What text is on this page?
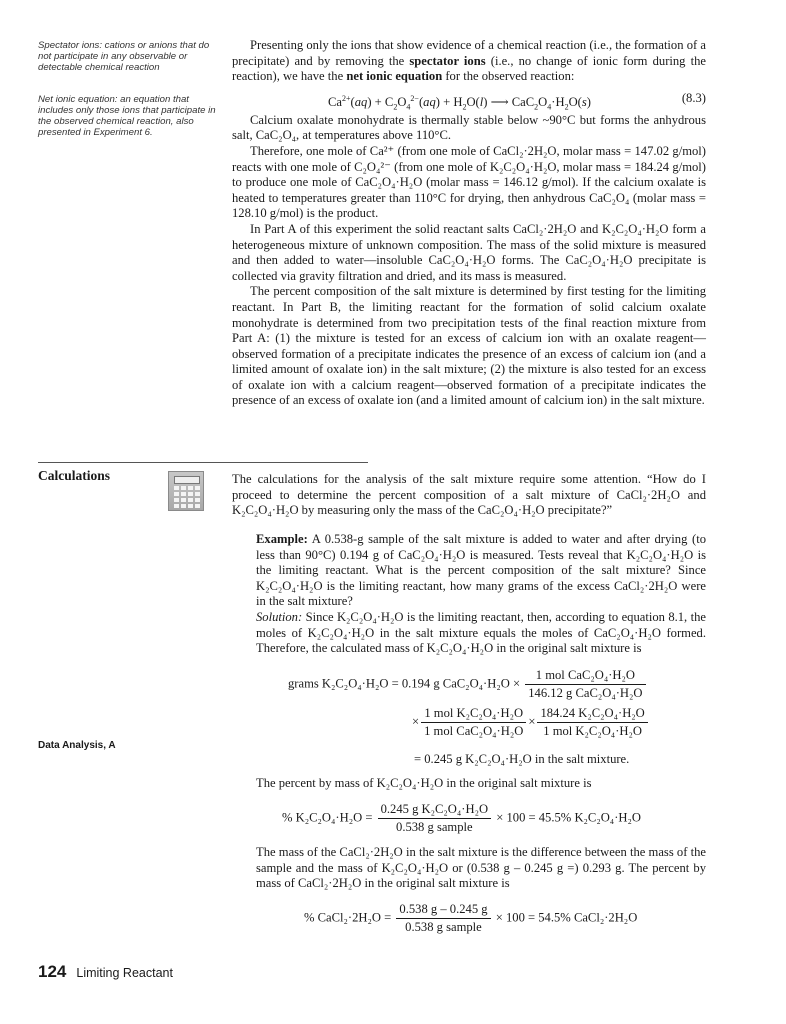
Spectator ions: cations or anions that do not participate in any observable or detectable chemical reaction
Net ionic equation: an equation that includes only those ions that participate in the observed chemical reaction, also presented in Experiment 6.

Presenting only the ions that show evidence of a chemical reaction (i.e., the formation of a precipitate) and by removing the spectator ions (i.e., no change of ionic form during the reaction), we have the net ionic equation for the observed reaction:

$Ca^{2+}(aq) + C_2O_4^{2-}(aq) + H_2O(l)$ ⟶ $CaC_2O_4\cdot H_2O(s)$	(8.3)

Calcium oxalate monohydrate is thermally stable below ~90°C but forms the anhydrous salt, CaC₂O₄, at temperatures above 110°C.

Therefore, one mole of Ca²⁺ (from one mole of CaCl₂·2H₂O, molar mass = 147.02 g/mol) reacts with one mole of C₂O₄²⁻ (from one mole of K₂C₂O₄·H₂O, molar mass = 184.24 g/mol) to produce one mole of CaC₂O₄·H₂O (molar mass = 146.12 g/mol). If the calcium oxalate is heated to temperatures greater than 110°C for drying, then anhydrous CaC₂O₄ (molar mass = 128.10 g/mol) is the product.

In Part A of this experiment the solid reactant salts CaCl₂·2H₂O and K₂C₂O₄·H₂O form a heterogeneous mixture of unknown composition. The mass of the solid mixture is measured and then added to water—insoluble CaC₂O₄·H₂O forms. The CaC₂O₄·H₂O precipitate is collected via gravity filtration and dried, and its mass is measured.

The percent composition of the salt mixture is determined by first testing for the limiting reactant. In Part B, the limiting reactant for the formation of solid calcium oxalate monohydrate is determined from two precipitation tests of the final reaction mixture from Part A: (1) the mixture is tested for an excess of calcium ion with an oxalate reagent—observed formation of a precipitate indicates the presence of an excess of calcium ion (and a limited amount of oxalate ion) in the salt mixture; (2) the mixture is also tested for an excess of oxalate ion with a calcium reagent—observed formation of a precipitate indicates the presence of an excess of oxalate ion (and a limited amount of calcium ion) in the salt mixture.

Calculations	The calculations for the analysis of the salt mixture require some attention. “How do I proceed to determine the percent composition of a salt mixture of CaCl₂·2H₂O and K₂C₂O₄·H₂O by measuring only the mass of the CaC₂O₄·H₂O precipitate?”

Example: A 0.538-g sample of the salt mixture is added to water and after drying (to less than 90°C) 0.194 g of CaC₂O₄·H₂O is measured. Tests reveal that K₂C₂O₄·H₂O is the limiting reactant. What is the percent composition of the salt mixture? Since K₂C₂O₄·H₂O is the limiting reactant, how many grams of the excess CaCl₂·2H₂O were in the salt mixture?

Solution: Since K₂C₂O₄·H₂O is the limiting reactant, then, according to equation 8.1, the moles of K₂C₂O₄·H₂O in the salt mixture equals the moles of CaC₂O₄·H₂O formed. Therefore, the calculated mass of K₂C₂O₄·H₂O in the original salt mixture is

grams K₂C₂O₄·H₂O = 0.194 g $CaC_2O_4\cdot H_2O \times \frac{\text{1 mol CaC₂O₄·H₂O}}{\text{146.12 g CaC₂O₄·H₂O}}$
× $\frac{\text{1 mol K₂C₂O₄·H₂O}}{\text{1 mol CaC₂O₄·H₂O}} \times \frac{\text{184.24 K₂C₂O₄·H₂O}}{\text{1 mol K₂C₂O₄·H₂O}}$
= 0.245 g K₂C₂O₄·H₂O in the salt mixture.
Data Analysis, A
The percent by mass of K₂C₂O₄·H₂O in the original salt mixture is
% $K_2C_2O_4\cdot H_2O = \frac{\text{0.245 g K₂C₂O₄·H₂O}}{\text{0.538 g sample}} \times 100 = 45.5\%$ K₂C₂O₄·H₂O
The mass of the CaCl₂·2H₂O in the salt mixture is the difference between the mass of the sample and the mass of K₂C₂O₄·H₂O or (0.538 g – 0.245 g =) 0.293 g. The percent by mass of CaCl₂·2H₂O in the original salt mixture is
% CaCl₂·2H₂O = $\frac{0.538 g - 0.245 g}{\text{0.538 g sample}} \times 100 = 54.5\%$ CaCl₂·2H₂O
124 Limiting Reactant
